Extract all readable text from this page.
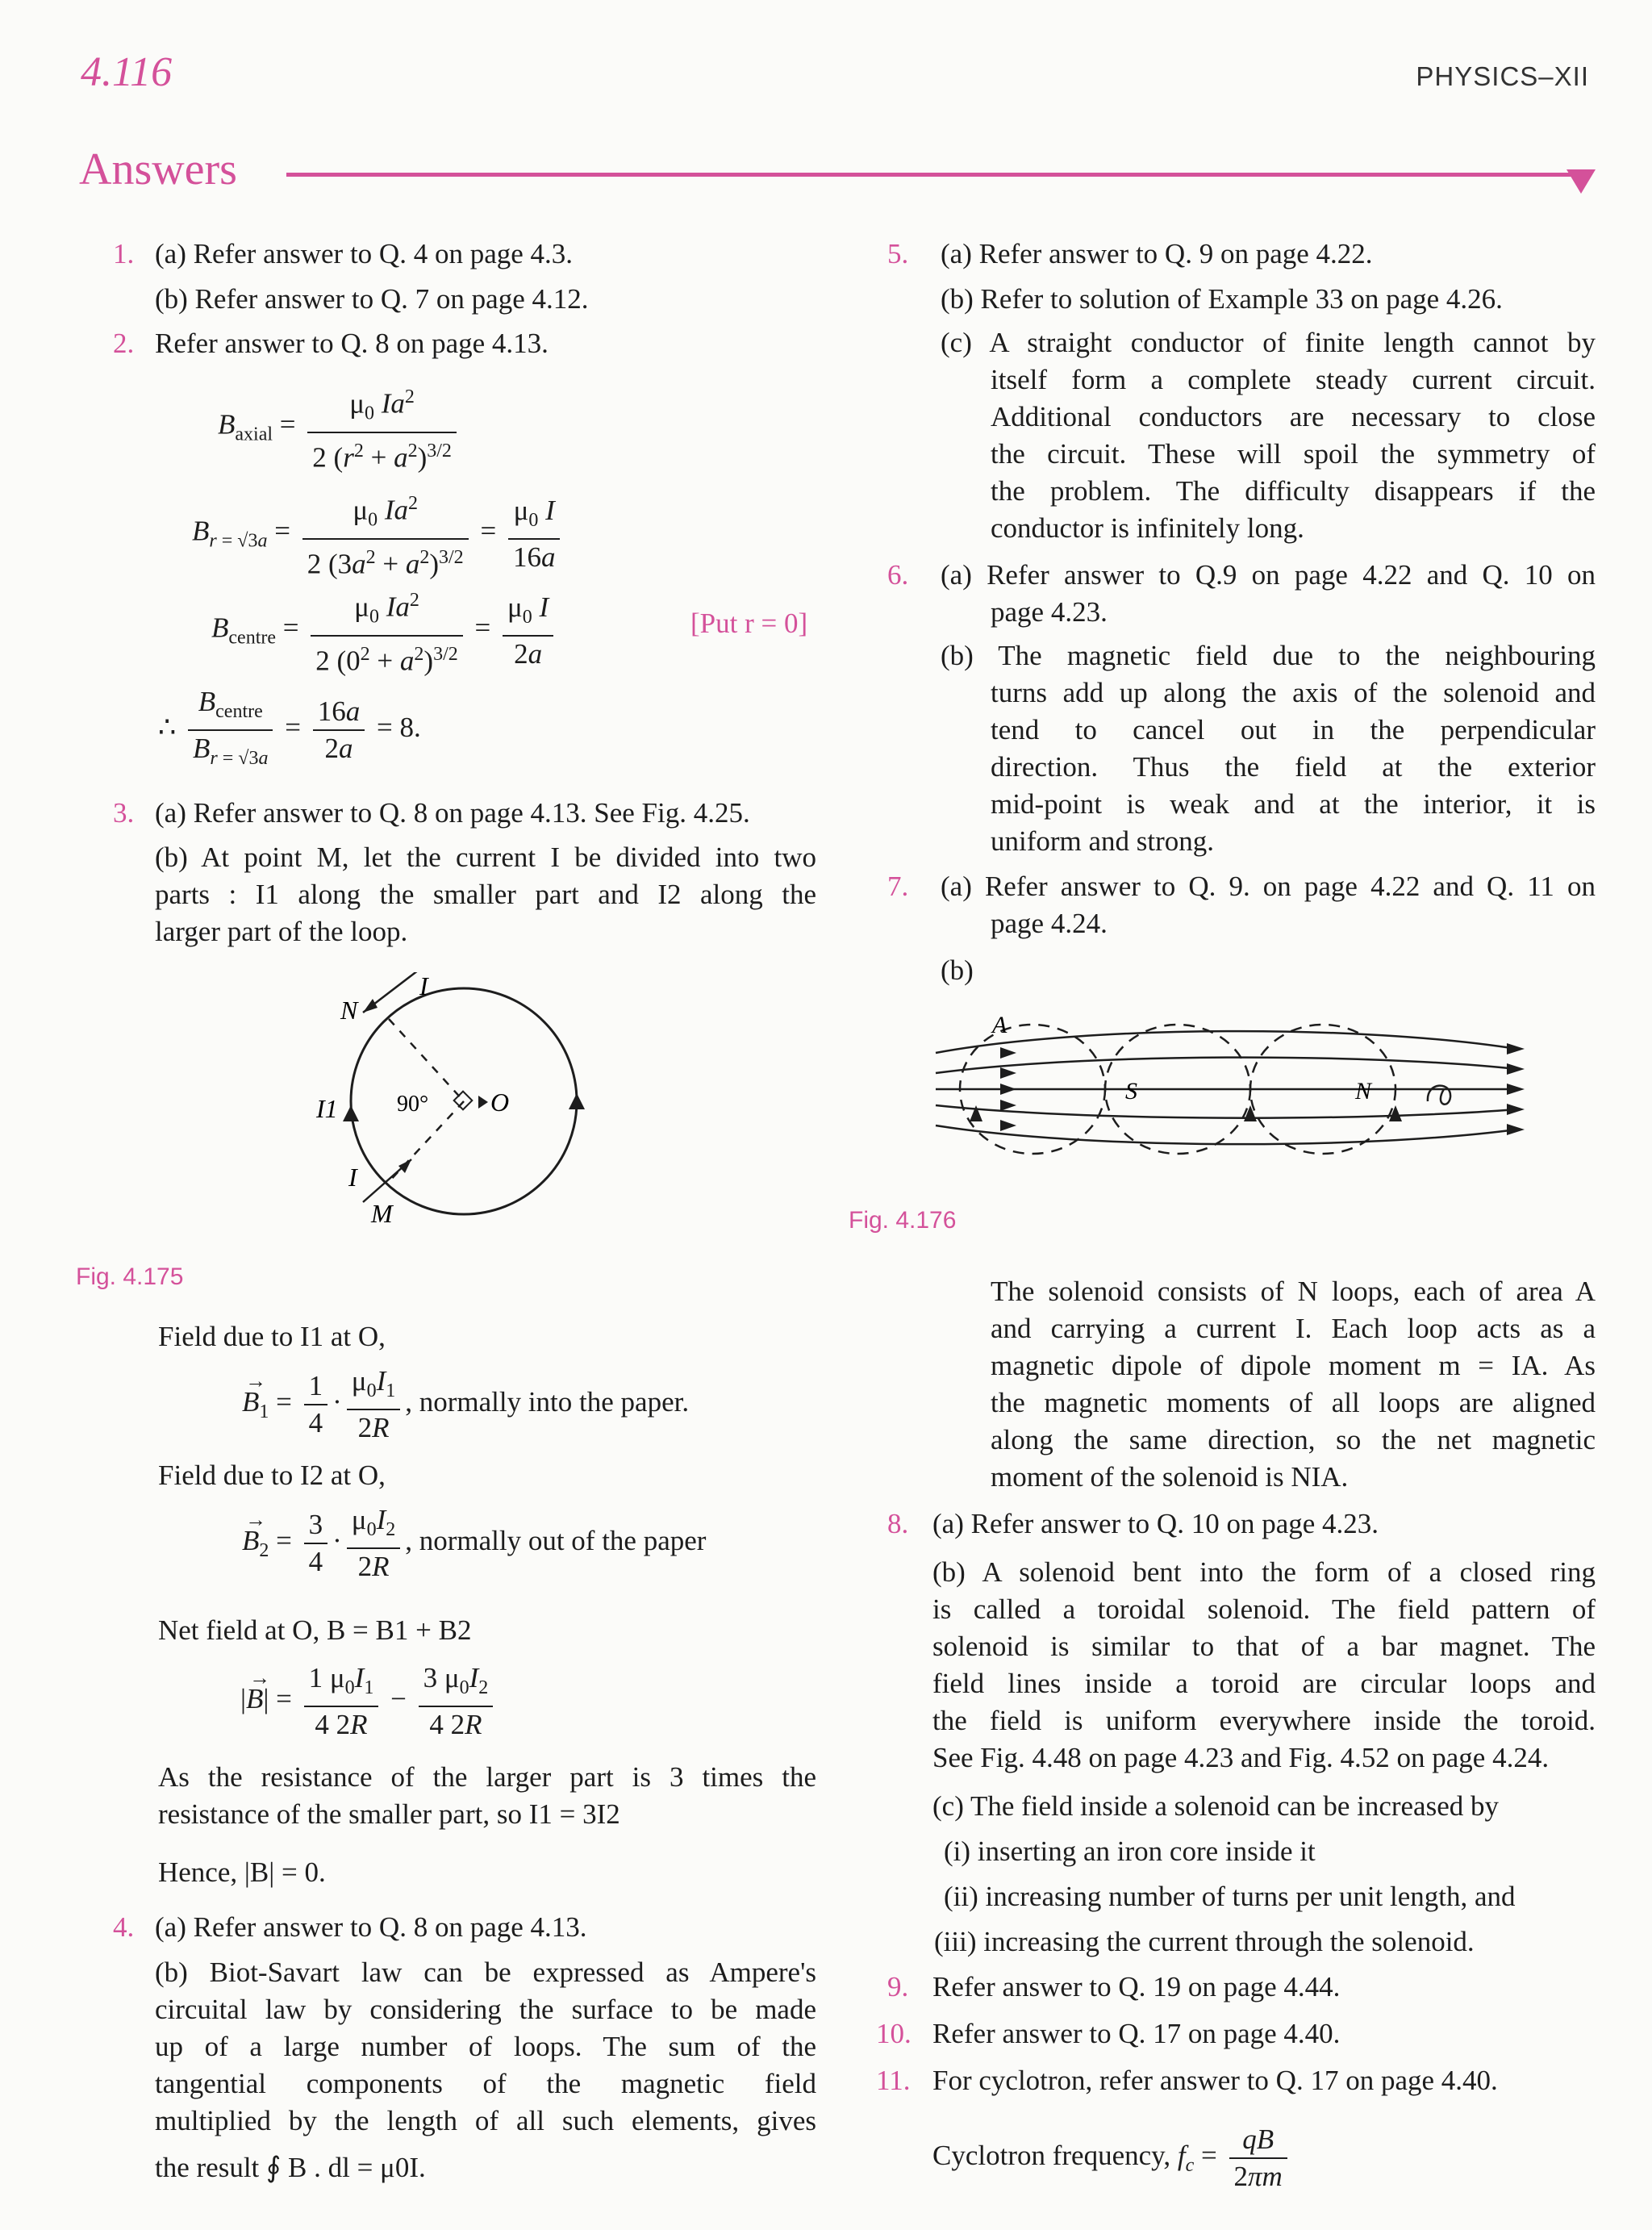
4.116	PHYSICS–XII
Answers
1. (a) Refer answer to Q. 4 on page 4.3.
(b) Refer answer to Q. 7 on page 4.12.
2. Refer answer to Q. 8 on page 4.13.
$B_{axial} = \frac{\mu_0 Ia^2}{2 (r^2 + a^2)^{3/2}}$
$B_{r = √3a} = \frac{\mu_0 Ia^2}{2 (3a^2 + a^2)^{3/2}} = \frac{\mu_0 I}{16a}$
$B_{centre} = \frac{\mu_0 Ia^2}{2 (0^2 + a^2)^{3/2}} = \frac{\mu_0 I}{2a}$	[Put r = 0]
∴ $\frac{B_{centre}}{B_{r = √3a}} = \frac{16a}{2a} = 8$.
3. (a) Refer answer to Q. 8 on page 4.13. See Fig. 4.25.
(b) At point M, let the current I be divided into two
parts : I1 along the smaller part and I2 along the
larger part of the loop.
N
I
I1	90° O
I
M
Fig. 4.175
Field due to I1 at O,
→ $B_1 = \frac{1}{4} \cdot \frac{\mu_0I_1}{2R}$ , normally into the paper.
Field due to I2 at O,
→ $B_2 = \frac{3}{4} \cdot \frac{\mu_0I_2}{2R}$ , normally out of the paper
Net field at O, B = B1 + B2
|→ $B| = \frac{1 \mu_0I_1}{4 2R} - \frac{3 \mu_0I_2}{4 2R}$
As the resistance of the larger part is 3 times the
resistance of the smaller part, so I1 = 3I2
Hence, |B| = 0.
4. (a) Refer answer to Q. 8 on page 4.13.
(b) Biot-Savart law can be expressed as Ampere's
circuital law by considering the surface to be made
up of a large number of loops. The sum of the
tangential components of the magnetic field
multiplied by the length of all such elements, gives
the result ∮ B . dl = μ0I.
5. (a) Refer answer to Q. 9 on page 4.22.
(b) Refer to solution of Example 33 on page 4.26.
(c) A straight conductor of finite length cannot by
itself form a complete steady current circuit.
Additional conductors are necessary to close
the circuit. These will spoil the symmetry of
the problem. The difficulty disappears if the
conductor is infinitely long.
6. (a) Refer answer to Q.9 on page 4.22 and Q. 10 on
page 4.23.
(b) The magnetic field due to the neighbouring
turns add up along the axis of the solenoid and
tend to cancel out in the perpendicular
direction. Thus the field at the exterior
mid-point is weak and at the interior, it is
uniform and strong.
7. (a) Refer answer to Q. 9. on page 4.22 and Q. 11 on
page 4.24.
(b)
A
S	N
Fig. 4.176
The solenoid consists of N loops, each of area A
and carrying a current I. Each loop acts as a
magnetic dipole of dipole moment m = IA. As
the magnetic moments of all loops are aligned
along the same direction, so the net magnetic
moment of the solenoid is NIA.
8. (a) Refer answer to Q. 10 on page 4.23.
(b) A solenoid bent into the form of a closed ring
is called a toroidal solenoid. The field pattern of
solenoid is similar to that of a bar magnet. The
field lines inside a toroid are circular loops and
the field is uniform everywhere inside the toroid.
See Fig. 4.48 on page 4.23 and Fig. 4.52 on page 4.24.
(c) The field inside a solenoid can be increased by
(i) inserting an iron core inside it
(ii) increasing number of turns per unit length, and
(iii) increasing the current through the solenoid.
9. Refer answer to Q. 19 on page 4.44.
10. Refer answer to Q. 17 on page 4.40.
11. For cyclotron, refer answer to Q. 17 on page 4.40.
Cyclotron frequency, $f_c = \frac{qB}{2\pi m}$
